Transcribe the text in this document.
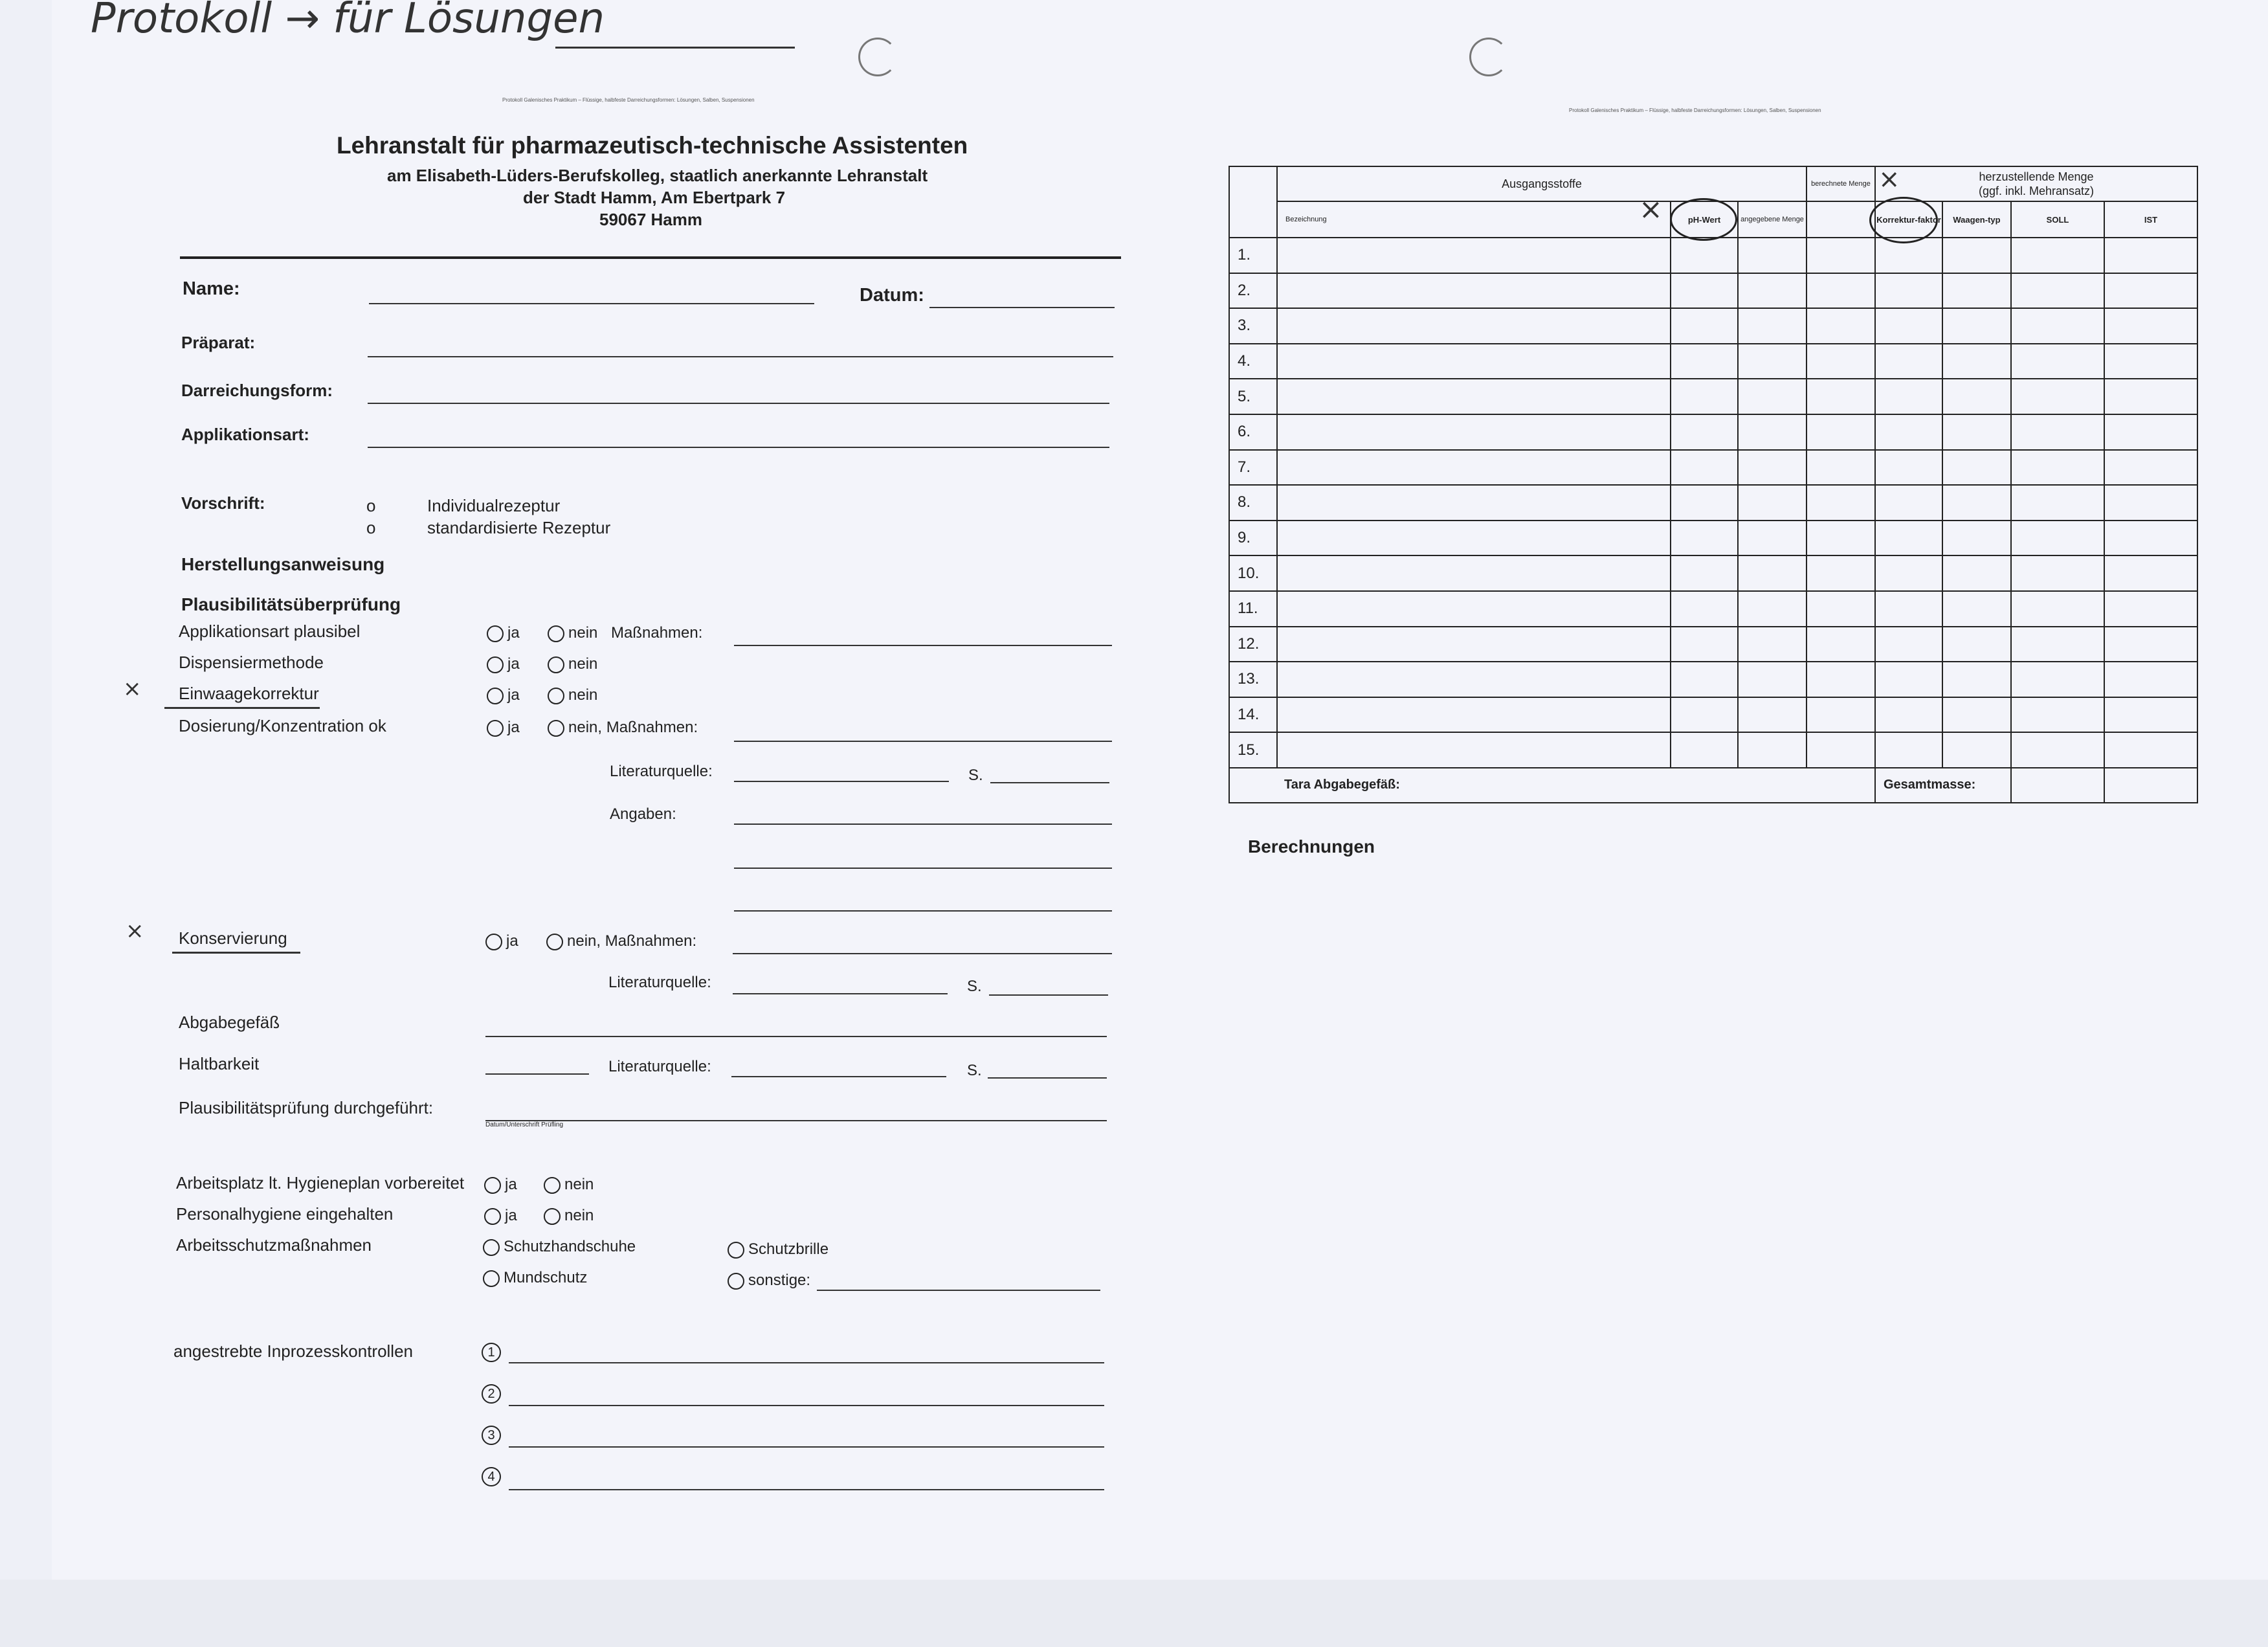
Protokoll → für Lösungen
Protokoll Galenisches Praktikum – Flüssige, halbfeste Darreichungsformen: Lösungen, Salben, Suspensionen
Lehranstalt für pharmazeutisch-technische Assistenten
am Elisabeth-Lüders-Berufskolleg, staatlich anerkannte Lehranstalt
der Stadt Hamm, Am Ebertpark 7
59067 Hamm
Name:	Datum:
Präparat:
Darreichungsform:
Applikationsart:
Vorschrift:	o	Individualrezeptur
o	standardisierte Rezeptur
Herstellungsanweisung
Plausibilitätsüberprüfung
Applikationsart plausibel	ja	nein Maßnahmen:
Dispensiermethode	ja	nein
× Einwaagekorrektur	ja	nein
Dosierung/Konzentration ok	ja	nein, Maßnahmen:
Literaturquelle:	S.
Angaben:
× Konservierung	ja	nein, Maßnahmen:
Literaturquelle:	S.
Abgabegefäß
Haltbarkeit	Literaturquelle:	S.
Plausibilitätsprüfung durchgeführt:
Datum/Unterschrift Prüfling
Arbeitsplatz lt. Hygieneplan vorbereitet	ja	nein
Personalhygiene eingehalten	ja	nein
Arbeitsschutzmaßnahmen	Schutzhandschuhe	Schutzbrille
Mundschutz	sonstige:
angestrebte Inprozesskontrollen	1
2
3
4
Protokoll Galenisches Praktikum – Flüssige, halbfeste Darreichungsformen: Lösungen, Salben, Suspensionen
	Ausgangsstoffe			berechnete Menge	herzustellende Menge
(ggf. inkl. Mehransatz)			
	Bezeichnung	pH-Wert	angegebene Menge		Korrektur-faktor	Waagen-typ	SOLL	IST
1.								
2.								
3.								
4.								
5.								
6.								
7.								
8.								
9.								
10.								
11.								
12.								
13.								
14.								
15.								
Tara Abgabegefäß:					Gesamtmasse:			
×
×
Berechnungen
